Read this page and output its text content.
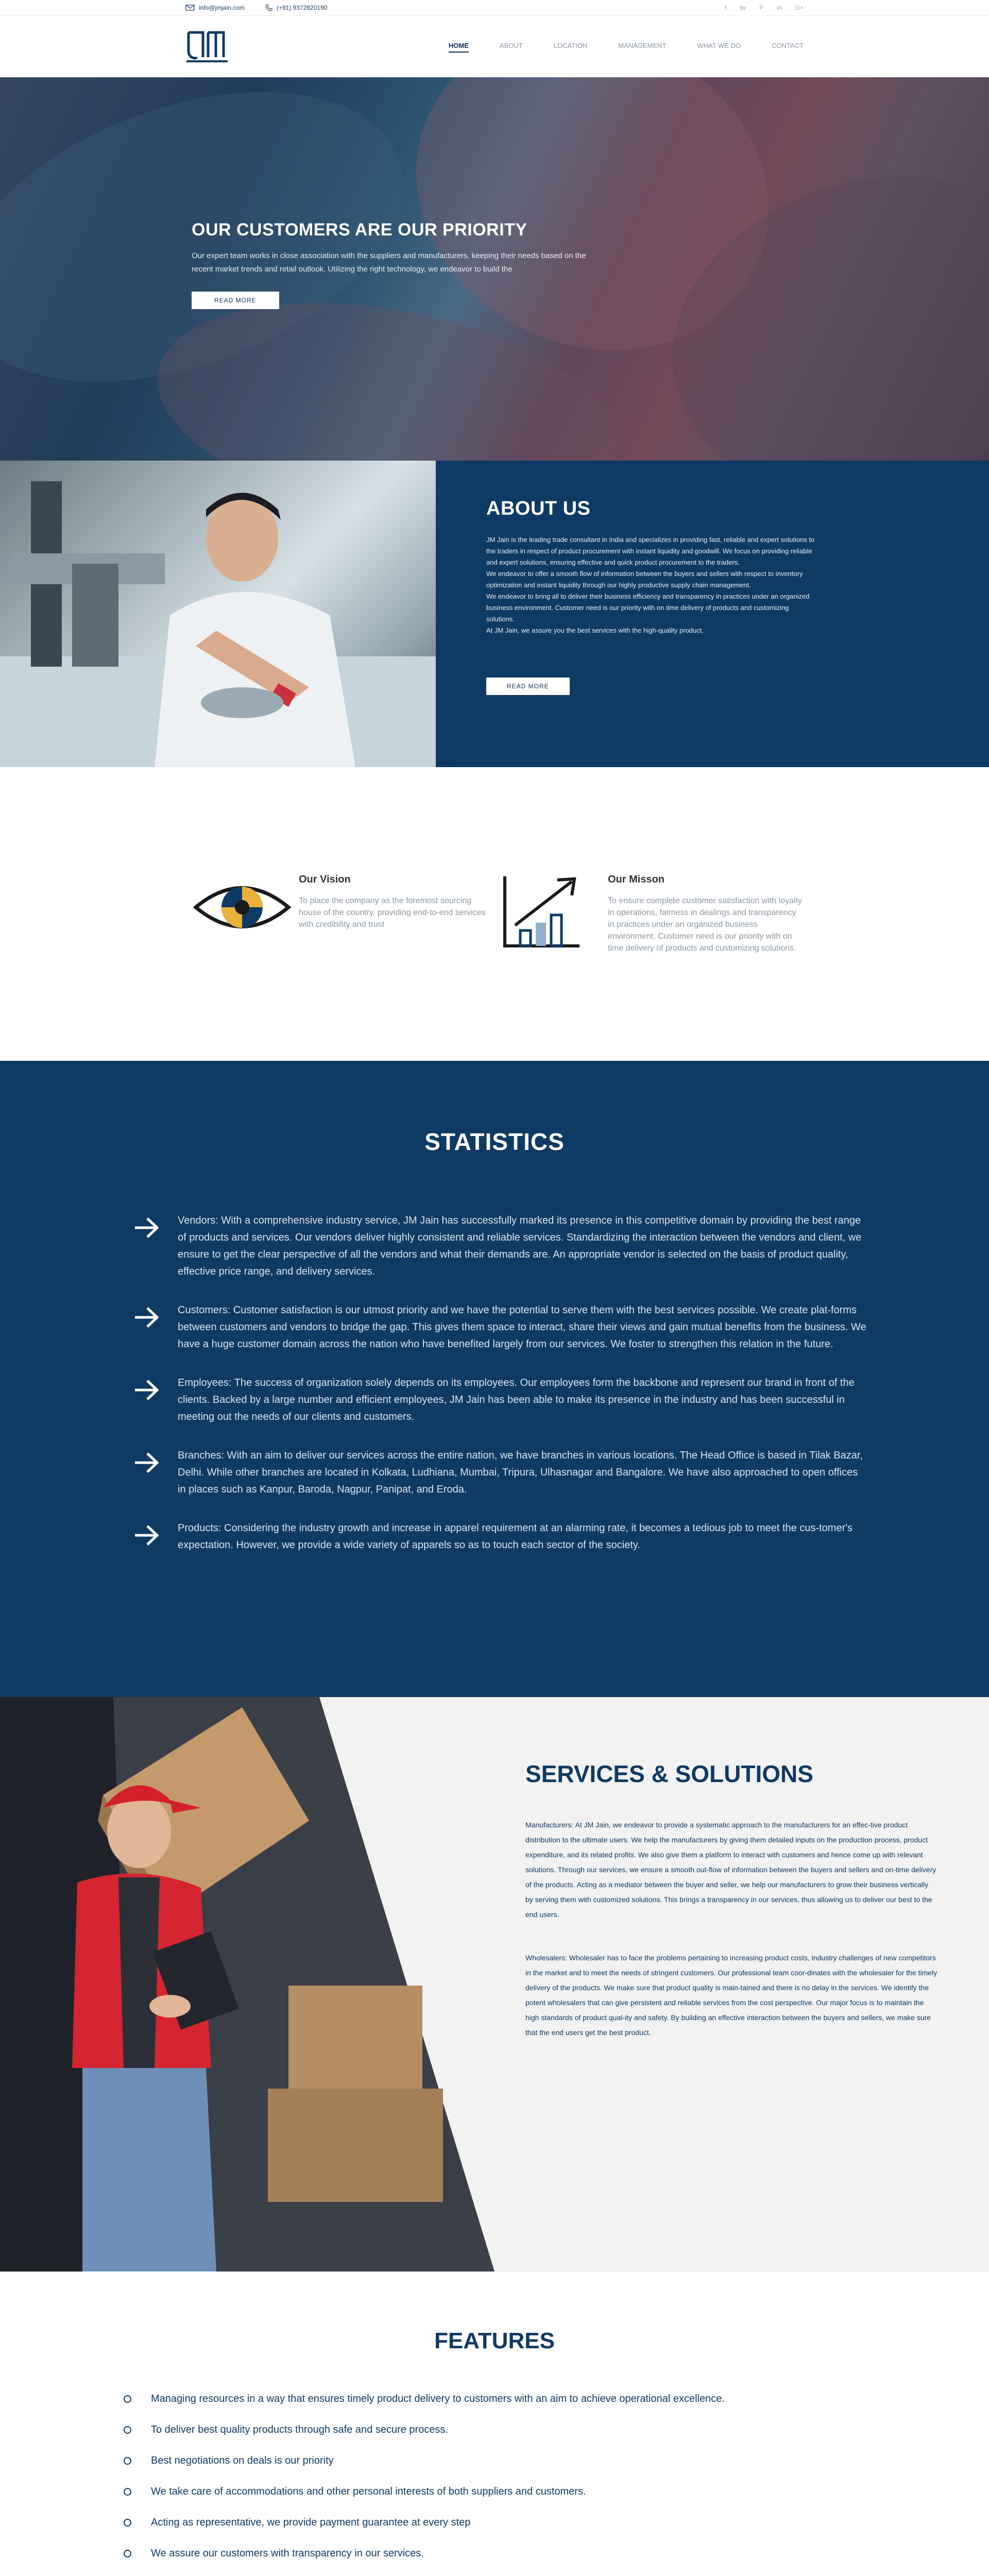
info@jmjain.com	(+91) 9372820190	f tw P in G+
HOME	ABOUT	LOCATION	MANAGEMENT	WHAT WE DO	CONTACT
OUR CUSTOMERS ARE OUR PRIORITY

Our expert team works in close association with the suppliers and manufacturers, keeping their needs based on the recent market trends and retail outlook. Utilizing the right technology, we endeavor to build the

READ MORE
ABOUT US

JM Jain is the leading trade consultant in India and specializes in providing fast, reliable and expert solutions to the traders in respect of product procurement with instant liquidity and goodwill. We focus on providing reliable and expert solutions, ensuring effective and quick product procurement to the traders.

We endeavor to offer a smooth flow of information between the buyers and sellers with respect to inventory optimization and instant liquidity through our highly productive supply chain management.

We endeavor to bring all to deliver their business efficiency and transparency in practices under an organized business environment. Customer need is our priority with on time delivery of products and customizing solutions.

At JM Jain, we assure you the best services with the high-quality product.

READ MORE
Our Vision

To place the company as the foremost sourcing house of the country, providing end-to-end services with credibility and trust

Our Misson

To ensure complete customer satisfaction with loyalty in operations, fairness in dealings and transparency in practices under an organized business environment. Customer need is our priority with on time delivery of products and customizing solutions.

STATISTICS

Vendors: With a comprehensive industry service, JM Jain has successfully marked its presence in this competitive domain by providing the best range of products and services. Our vendors deliver highly consistent and reliable services. Standardizing the interaction between the vendors and client, we ensure to get the clear perspective of all the vendors and what their demands are. An appropriate vendor is selected on the basis of product quality, effective price range, and delivery services.

Customers: Customer satisfaction is our utmost priority and we have the potential to serve them with the best services possible. We create plat-forms between customers and vendors to bridge the gap. This gives them space to interact, share their views and gain mutual benefits from the business. We have a huge customer domain across the nation who have benefited largely from our services. We foster to strengthen this relation in the future.

Employees: The success of organization solely depends on its employees. Our employees form the backbone and represent our brand in front of the clients. Backed by a large number and efficient employees, JM Jain has been able to make its presence in the industry and has been successful in meeting out the needs of our clients and customers.

Branches: With an aim to deliver our services across the entire nation, we have branches in various locations. The Head Office is based in Tilak Bazar, Delhi. While other branches are located in Kolkata, Ludhiana, Mumbai, Tripura, Ulhasnagar and Bangalore. We have also approached to open offices in places such as Kanpur, Baroda, Nagpur, Panipat, and Eroda.

Products: Considering the industry growth and increase in apparel requirement at an alarming rate, it becomes a tedious job to meet the cus-tomer's expectation. However, we provide a wide variety of apparels so as to touch each sector of the society.

SERVICES & SOLUTIONS

Manufacturers: At JM Jain, we endeavor to provide a systematic approach to the manufacturers for an effec-tive product distribution to the ultimate users. We help the manufacturers by giving them detailed inputs on the production process, product expenditure, and its related profits. We also give them a platform to interact with customers and hence come up with relevant solutions. Through our services, we ensure a smooth out-flow of information between the buyers and sellers and on-time delivery of the products. Acting as a mediator between the buyer and seller, we help our manufacturers to grow their business vertically by serving them with customized solutions. This brings a transparency in our services, thus allowing us to deliver our best to the end users.

Wholesalers: Wholesaler has to face the problems pertaining to increasing product costs, industry challenges of new competitors in the market and to meet the needs of stringent customers. Our professional team coor-dinates with the wholesaler for the timely delivery of the products. We make sure that product quality is main-tained and there is no delay in the services. We identify the potent wholesalers that can give persistent and reliable services from the cost perspective. Our major focus is to maintain the high standards of product qual-ity and safety. By building an effective interaction between the buyers and sellers, we make sure that the end users get the best product.

FEATURES
Managing resources in a way that ensures timely product delivery to customers with an aim to achieve operational excellence.
To deliver best quality products through safe and secure process.
Best negotiations on deals is our priority
We take care of accommodations and other personal interests of both suppliers and customers.
Acting as representative, we provide payment guarantee at every step
We assure our customers with transparency in our services.
